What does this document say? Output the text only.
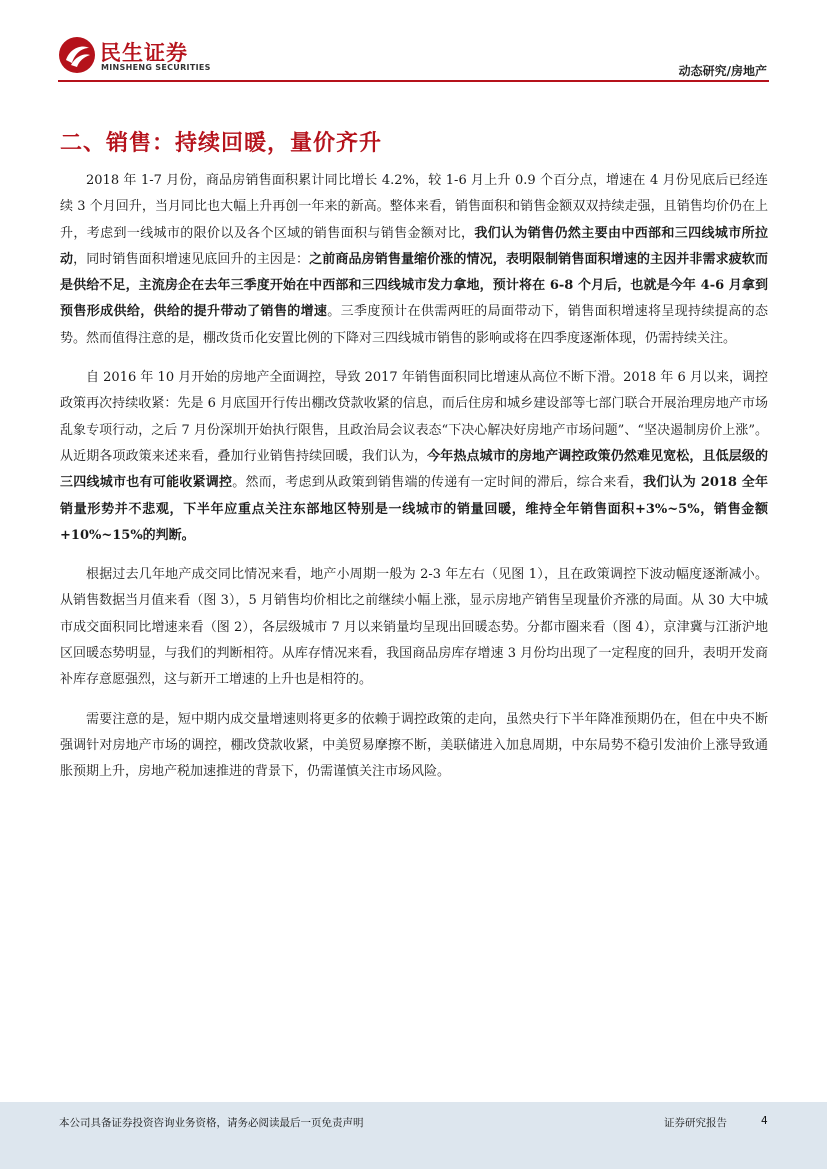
民生证券
MINSHENG SECURITIES	动态研究/房地产
二、销售：持续回暖，量价齐升

2018 年 1-7 月份，商品房销售面积累计同比增长 4.2%，较 1-6 月上升 0.9 个百分点，增速在 4 月份见底后已经连续 3 个月回升，当月同比也大幅上升再创一年来的新高。整体来看，销售面积和销售金额双双持续走强，且销售均价仍在上升，考虑到一线城市的限价以及各个区域的销售面积与销售金额对比，我们认为销售仍然主要由中西部和三四线城市所拉动，同时销售面积增速见底回升的主因是：之前商品房销售量缩价涨的情况，表明限制销售面积增速的主因并非需求疲软而是供给不足，主流房企在去年三季度开始在中西部和三四线城市发力拿地，预计将在 6-8 个月后，也就是今年 4-6 月拿到预售形成供给，供给的提升带动了销售的增速。三季度预计在供需两旺的局面带动下，销售面积增速将呈现持续提高的态势。然而值得注意的是，棚改货币化安置比例的下降对三四线城市销售的影响或将在四季度逐渐体现，仍需持续关注。

自 2016 年 10 月开始的房地产全面调控，导致 2017 年销售面积同比增速从高位不断下滑。2018 年 6 月以来，调控政策再次持续收紧：先是 6 月底国开行传出棚改贷款收紧的信息，而后住房和城乡建设部等七部门联合开展治理房地产市场乱象专项行动，之后 7 月份深圳开始执行限售，且政治局会议表态“下决心解决好房地产市场问题”、“坚决遏制房价上涨”。从近期各项政策来述来看，叠加行业销售持续回暖，我们认为，今年热点城市的房地产调控政策仍然难见宽松，且低层级的三四线城市也有可能收紧调控。然而，考虑到从政策到销售端的传递有一定时间的滞后，综合来看，我们认为 2018 全年销量形势并不悲观，下半年应重点关注东部地区特别是一线城市的销量回暖，维持全年销售面积+3%~5%，销售金额+10%~15%的判断。

根据过去几年地产成交同比情况来看，地产小周期一般为 2-3 年左右（见图 1），且在政策调控下波动幅度逐渐减小。从销售数据当月值来看（图 3），5 月销售均价相比之前继续小幅上涨，显示房地产销售呈现量价齐涨的局面。从 30 大中城市成交面积同比增速来看（图 2），各层级城市 7 月以来销量均呈现出回暖态势。分都市圈来看（图 4），京津冀与江浙沪地区回暖态势明显，与我们的判断相符。从库存情况来看，我国商品房库存增速 3 月份均出现了一定程度的回升，表明开发商补库存意愿强烈，这与新开工增速的上升也是相符的。

需要注意的是，短中期内成交量增速则将更多的依赖于调控政策的走向，虽然央行下半年降准预期仍在，但在中央不断强调针对房地产市场的调控，棚改贷款收紧，中美贸易摩擦不断，美联储进入加息周期，中东局势不稳引发油价上涨导致通胀预期上升，房地产税加速推进的背景下，仍需谨慎关注市场风险。

本公司具备证券投资咨询业务资格，请务必阅读最后一页免责声明	证券研究报告	4
